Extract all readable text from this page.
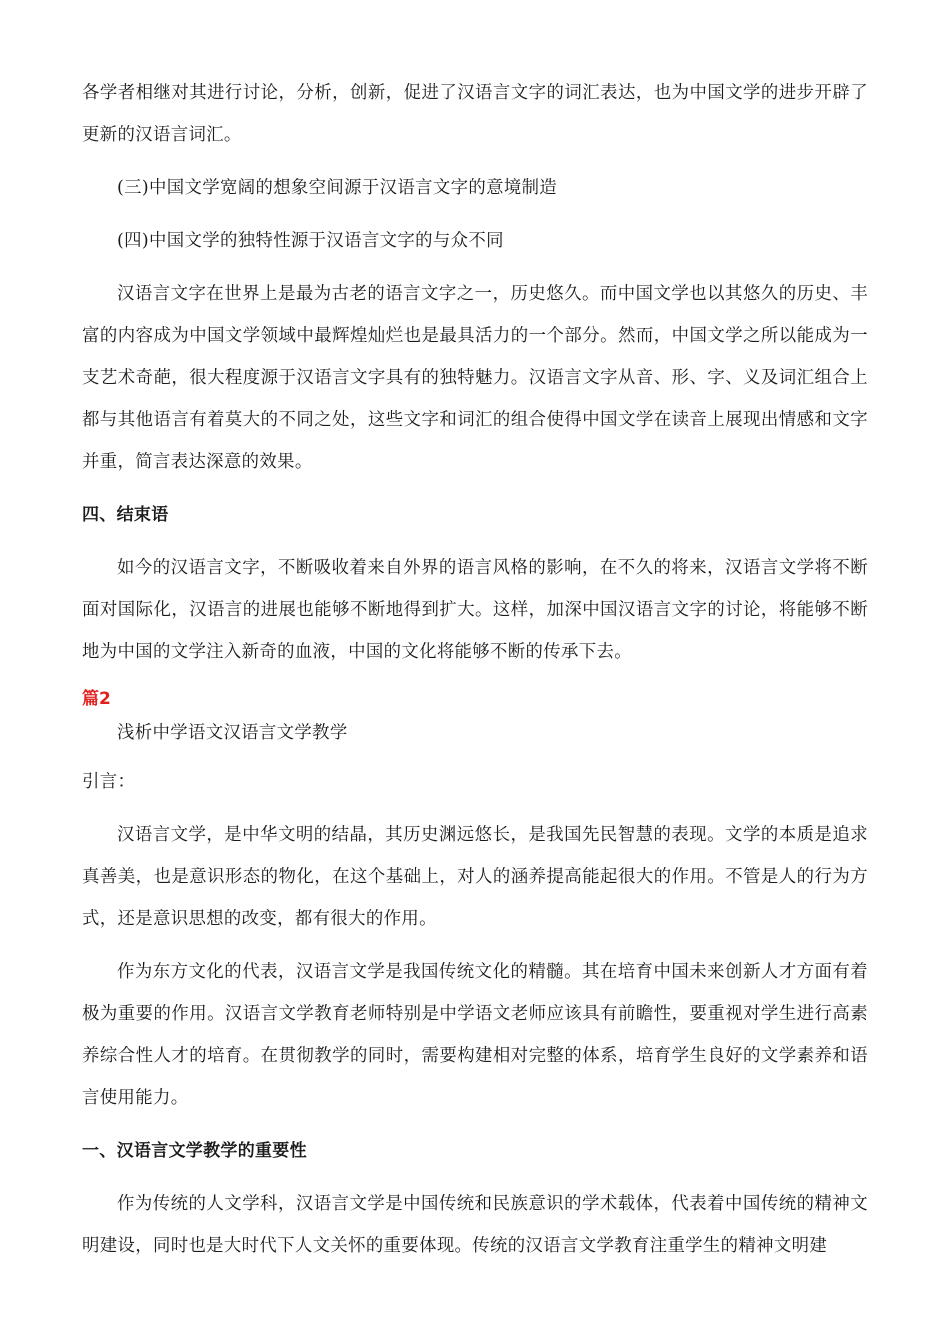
各学者相继对其进行讨论，分析，创新，促进了汉语言文字的词汇表达，也为中国文学的进步开辟了更新的汉语言词汇。

(三)中国文学宽阔的想象空间源于汉语言文字的意境制造

(四)中国文学的独特性源于汉语言文字的与众不同

汉语言文字在世界上是最为古老的语言文字之一，历史悠久。而中国文学也以其悠久的历史、丰富的内容成为中国文学领域中最辉煌灿烂也是最具活力的一个部分。然而，中国文学之所以能成为一支艺术奇葩，很大程度源于汉语言文字具有的独特魅力。汉语言文字从音、形、字、义及词汇组合上都与其他语言有着莫大的不同之处，这些文字和词汇的组合使得中国文学在读音上展现出情感和文字并重，简言表达深意的效果。

四、结束语

如今的汉语言文字，不断吸收着来自外界的语言风格的影响，在不久的将来，汉语言文学将不断面对国际化，汉语言的进展也能够不断地得到扩大。这样，加深中国汉语言文字的讨论，将能够不断地为中国的文学注入新奇的血液，中国的文化将能够不断的传承下去。

篇2

浅析中学语文汉语言文学教学

引言：

汉语言文学，是中华文明的结晶，其历史渊远悠长，是我国先民智慧的表现。文学的本质是追求真善美，也是意识形态的物化，在这个基础上，对人的涵养提高能起很大的作用。不管是人的行为方式，还是意识思想的改变，都有很大的作用。

作为东方文化的代表，汉语言文学是我国传统文化的精髓。其在培育中国未来创新人才方面有着极为重要的作用。汉语言文学教育老师特别是中学语文老师应该具有前瞻性，要重视对学生进行高素养综合性人才的培育。在贯彻教学的同时，需要构建相对完整的体系，培育学生良好的文学素养和语言使用能力。

一、汉语言文学教学的重要性

作为传统的人文学科，汉语言文学是中国传统和民族意识的学术载体，代表着中国传统的精神文明建设，同时也是大时代下人文关怀的重要体现。传统的汉语言文学教育注重学生的精神文明建
